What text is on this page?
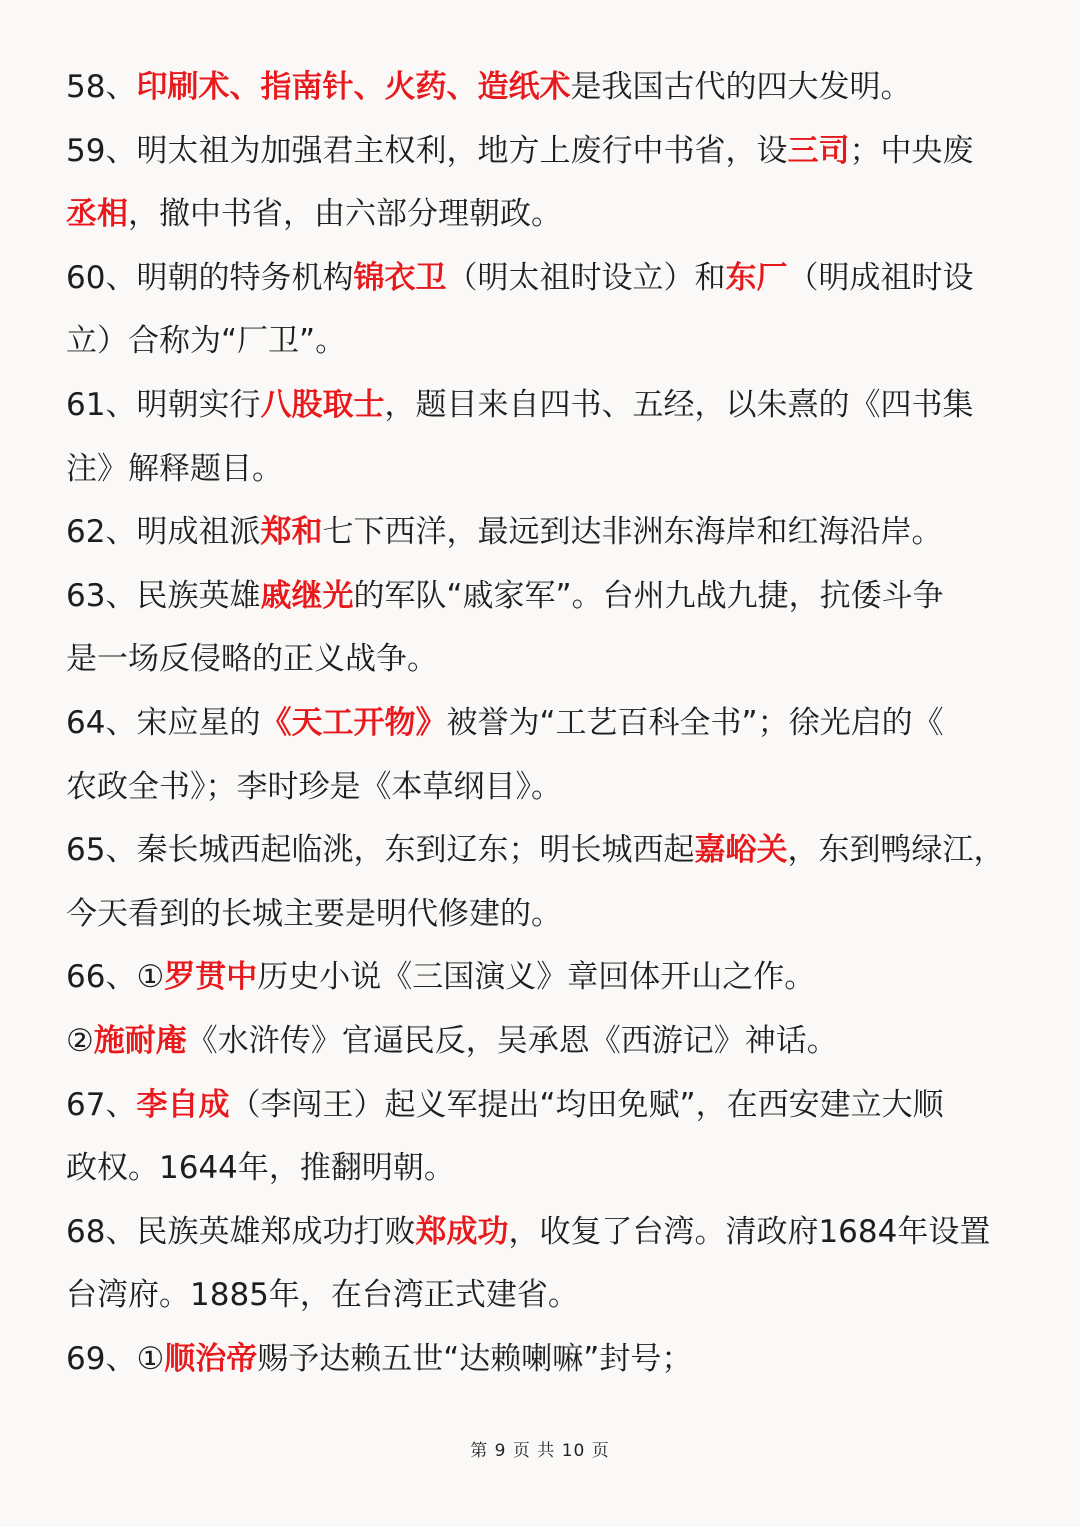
58、印刷术、指南针、火药、造纸术是我国古代的四大发明。
59、明太祖为加强君主权利，地方上废行中书省，设三司；中央废
丞相，撤中书省，由六部分理朝政。
60、明朝的特务机构锦衣卫（明太祖时设立）和东厂（明成祖时设
立）合称为“厂卫”。
61、明朝实行八股取士，题目来自四书、五经，以朱熹的《四书集
注》解释题目。
62、明成祖派郑和七下西洋，最远到达非洲东海岸和红海沿岸。
63、民族英雄戚继光的军队“戚家军”。台州九战九捷，抗倭斗争
是一场反侵略的正义战争。
64、宋应星的《天工开物》被誉为“工艺百科全书”；徐光启的《
农政全书》；李时珍是《本草纲目》。
65、秦长城西起临洮，东到辽东；明长城西起嘉峪关，东到鸭绿江，
今天看到的长城主要是明代修建的。
66、①罗贯中历史小说《三国演义》章回体开山之作。
②施耐庵《水浒传》官逼民反，吴承恩《西游记》神话。
67、李自成（李闯王）起义军提出“均田免赋”，在西安建立大顺
政权。1644年，推翻明朝。
68、民族英雄郑成功打败郑成功，收复了台湾。清政府1684年设置
台湾府。1885年，在台湾正式建省。
69、①顺治帝赐予达赖五世“达赖喇嘛”封号；
第 9 页 共 10 页
